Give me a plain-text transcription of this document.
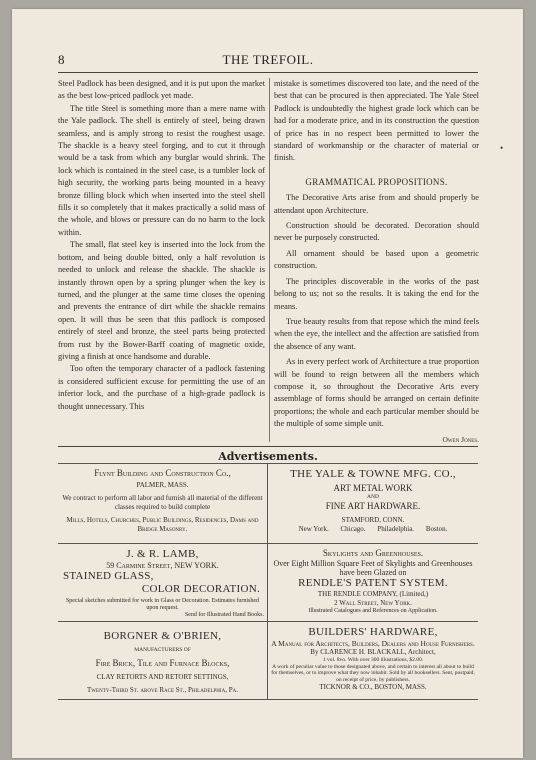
8	THE TREFOIL.

Steel Padlock has been designed, and it is put upon the market as the best low-priced padlock yet made.

The title Steel is something more than a mere name with the Yale padlock. The shell is entirely of steel, being drawn seamless, and is amply strong to resist the roughest usage. The shackle is a heavy steel forging, and to cut it through would be a task from which any burglar would shrink. The lock which is contained in the steel case, is a tumbler lock of high security, the working parts being mounted in a heavy bronze filling block which when inserted into the steel shell fills it so completely that it makes practically a solid mass of the whole, and blows or pressure can do no harm to the lock within.

The small, flat steel key is inserted into the lock from the bottom, and being double bitted, only a half revolution is needed to unlock and release the shackle. The shackle is instantly thrown open by a spring plunger when the key is turned, and the plunger at the same time closes the opening and prevents the entrance of dirt while the shackle remains open. It will thus be seen that this padlock is composed entirely of steel and bronze, the steel parts being protected from rust by the Bower-Barff coating of magnetic oxide, giving a finish at once handsome and durable.

Too often the temporary character of a padlock fastening is considered sufficient excuse for permitting the use of an inferior lock, and the purchase of a high-grade padlock is thought unnecessary. This

mistake is sometimes discovered too late, and the need of the best that can be procured is then appreciated. The Yale Steel Padlock is undoubtedly the highest grade lock which can be had for a moderate price, and in its construction the question of price has in no respect been permitted to lower the standard of workmanship or the character of material or finish.

GRAMMATICAL PROPOSITIONS.

The Decorative Arts arise from and should properly be attendant upon Architecture.

Construction should be decorated. Decoration should never be purposely constructed.

All ornament should be based upon a geometric construction.

The principles discoverable in the works of the past belong to us; not so the results. It is taking the end for the means.

True beauty results from that repose which the mind feels when the eye, the intellect and the affection are satisfied from the absence of any want.

As in every perfect work of Architecture a true proportion will be found to reign between all the members which compose it, so throughout the Decorative Arts every assemblage of forms should be arranged on certain definite proportions; the whole and each particular member should be the multiple of some simple unit.

Owen Jones.
•
Advertisements.
Flynt Building and Construction Co.,
PALMER, MASS.
We contract to perform all labor and furnish all material of the different classes required to build complete
Mills, Hotels, Churches, Public Buildings, Residences, Dams and Bridge Masonry.
THE YALE & TOWNE MFG. CO.,
ART METAL WORK
AND
FINE ART HARDWARE.
STAMFORD, CONN.
New York. Chicago. Philadelphia. Boston.
J. & R. LAMB,
59 Carmine Street, NEW YORK.
STAINED GLASS,
COLOR DECORATION.
Special sketches submitted for work in Glass or Decoration. Estimates furnished upon request.
Send for Illustrated Hand Books.
Skylights and Greenhouses.
Over Eight Million Square Feet of Skylights and Greenhouses have been Glazed on
RENDLE'S PATENT SYSTEM.
THE RENDLE COMPANY, (Limited,)
2 Wall Street, New York.
Illustrated Catalogues and References on Application.
BORGNER & O'BRIEN,
MANUFACTURERS OF
Fire Brick, Tile and Furnace Blocks,
CLAY RETORTS AND RETORT SETTINGS,
Twenty-Third St. above Race St., Philadelphia, Pa.
BUILDERS' HARDWARE,
A Manual for Architects, Builders, Dealers and House Furnishers.
By CLARENCE H. BLACKALL, Architect,
1 vol. 8vo. With over 300 illustrations, $2.00.
A work of peculiar value to those designated above, and certain to interest all about to build for themselves, or to improve what they now inhabit. Sold by all booksellers. Sent, postpaid, on receipt of price, by publishers.
TICKNOR & CO., BOSTON, MASS.
